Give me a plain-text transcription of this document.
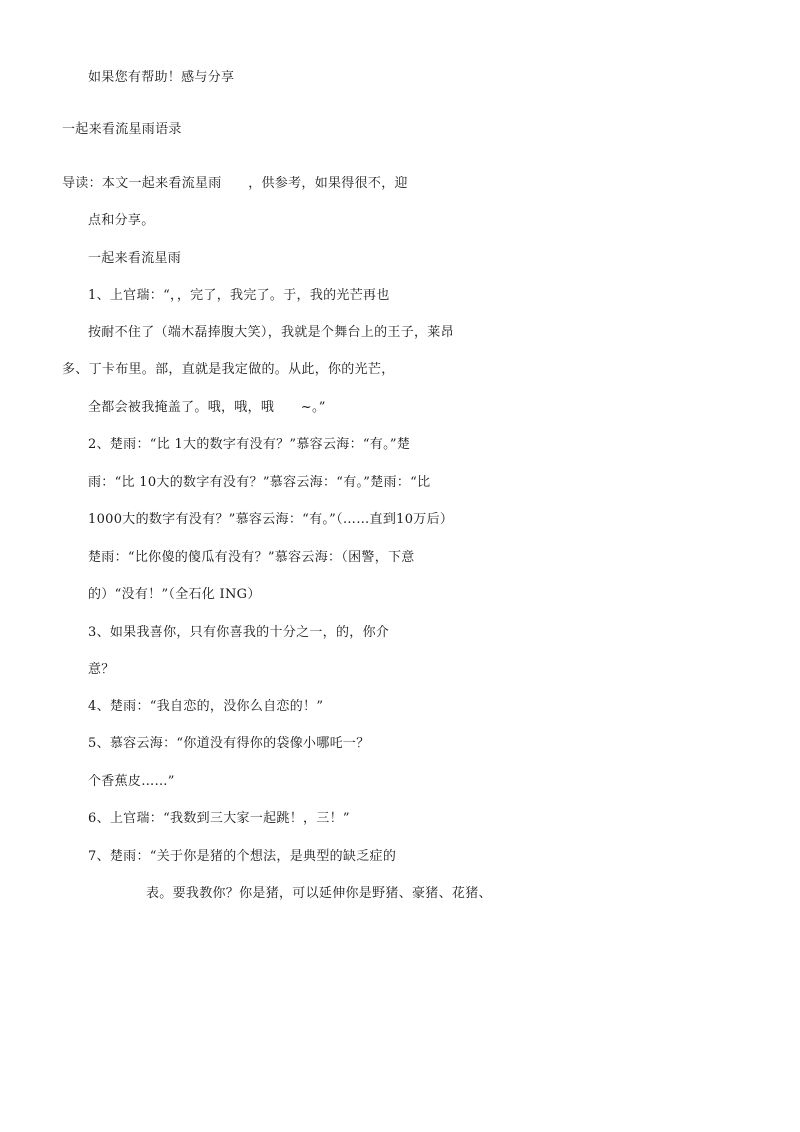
如果您有帮助！感与分享
一起来看流星雨语录
导读：本文一起来看流星雨　　，供参考，如果得很不，迎
点和分享。
一起来看流星雨
1、上官瑞：“，，完了，我完了。于，我的光芒再也
按耐不住了（端木磊捧腹大笑），我就是个舞台上的王子，莱昂
多、丁卡布里。部，直就是我定做的。从此，你的光芒，
全都会被我掩盖了。哦，哦，哦　　~。”
2、楚雨：“比 1大的数字有没有？”慕容云海：“有。”楚
雨：“比 10大的数字有没有？”慕容云海：“有。”楚雨：“比
1000大的数字有没有？”慕容云海：“有。”（……直到10万后）
楚雨：“比你傻的傻瓜有没有？”慕容云海：（困警，下意
的）“没有！”（全石化 ING）
3、如果我喜你，只有你喜我的十分之一，的，你介
意？
4、楚雨：“我自恋的，没你么自恋的！”
5、慕容云海：“你道没有得你的袋像小哪吒一？
个香蕉皮……”
6、上官瑞：“我数到三大家一起跳！，三！”
7、楚雨：“关于你是猪的个想法，是典型的缺乏症的
表。要我教你？你是猪，可以延伸你是野猪、豪猪、花猪、
